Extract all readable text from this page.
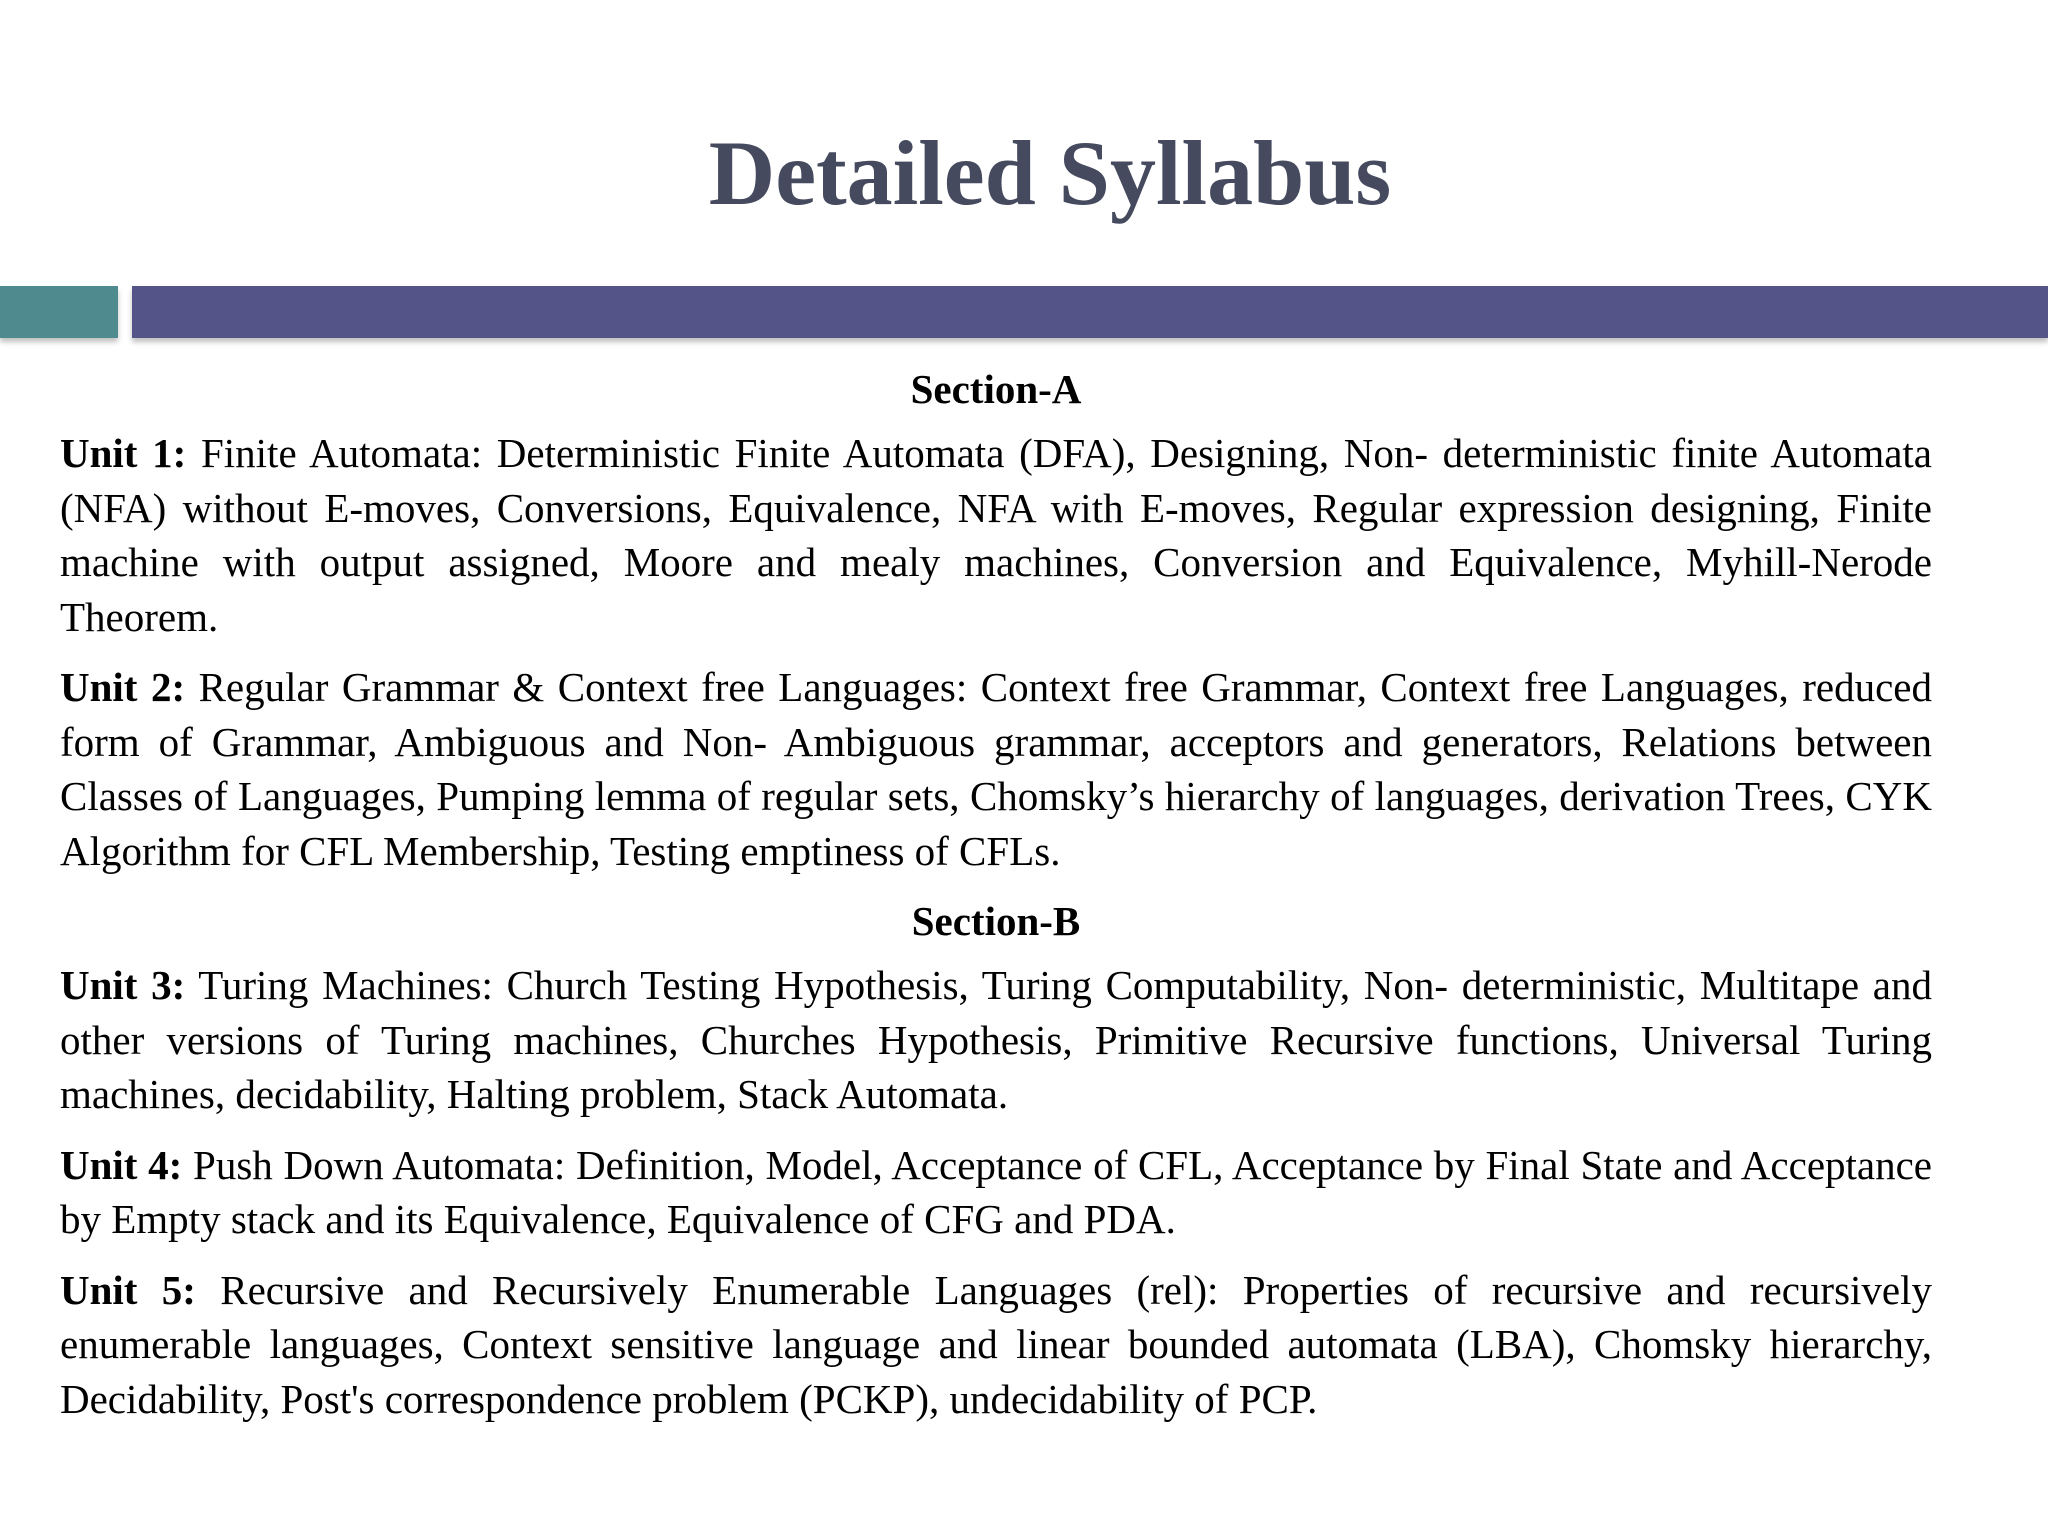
Detailed Syllabus
Section-A

Unit 1: Finite Automata: Deterministic Finite Automata (DFA), Designing, Non- deterministic finite Automata (NFA) without E-moves, Conversions, Equivalence, NFA with E-moves, Regular expression designing, Finite machine with output assigned, Moore and mealy machines, Conversion and Equivalence, Myhill-Nerode Theorem.

Unit 2: Regular Grammar & Context free Languages: Context free Grammar, Context free Languages, reduced form of Grammar, Ambiguous and Non- Ambiguous grammar, acceptors and generators, Relations between Classes of Languages, Pumping lemma of regular sets, Chomsky’s hierarchy of languages, derivation Trees, CYK Algorithm for CFL Membership, Testing emptiness of CFLs.

Section-B

Unit 3: Turing Machines: Church Testing Hypothesis, Turing Computability, Non- deterministic, Multitape and other versions of Turing machines, Churches Hypothesis, Primitive Recursive functions, Universal Turing machines, decidability, Halting problem, Stack Automata.

Unit 4: Push Down Automata: Definition, Model, Acceptance of CFL, Acceptance by Final State and Acceptance by Empty stack and its Equivalence, Equivalence of CFG and PDA.

Unit 5: Recursive and Recursively Enumerable Languages (rel): Properties of recursive and recursively enumerable languages, Context sensitive language and linear bounded automata (LBA), Chomsky hierarchy, Decidability, Post's correspondence problem (PCKP), undecidability of PCP.
